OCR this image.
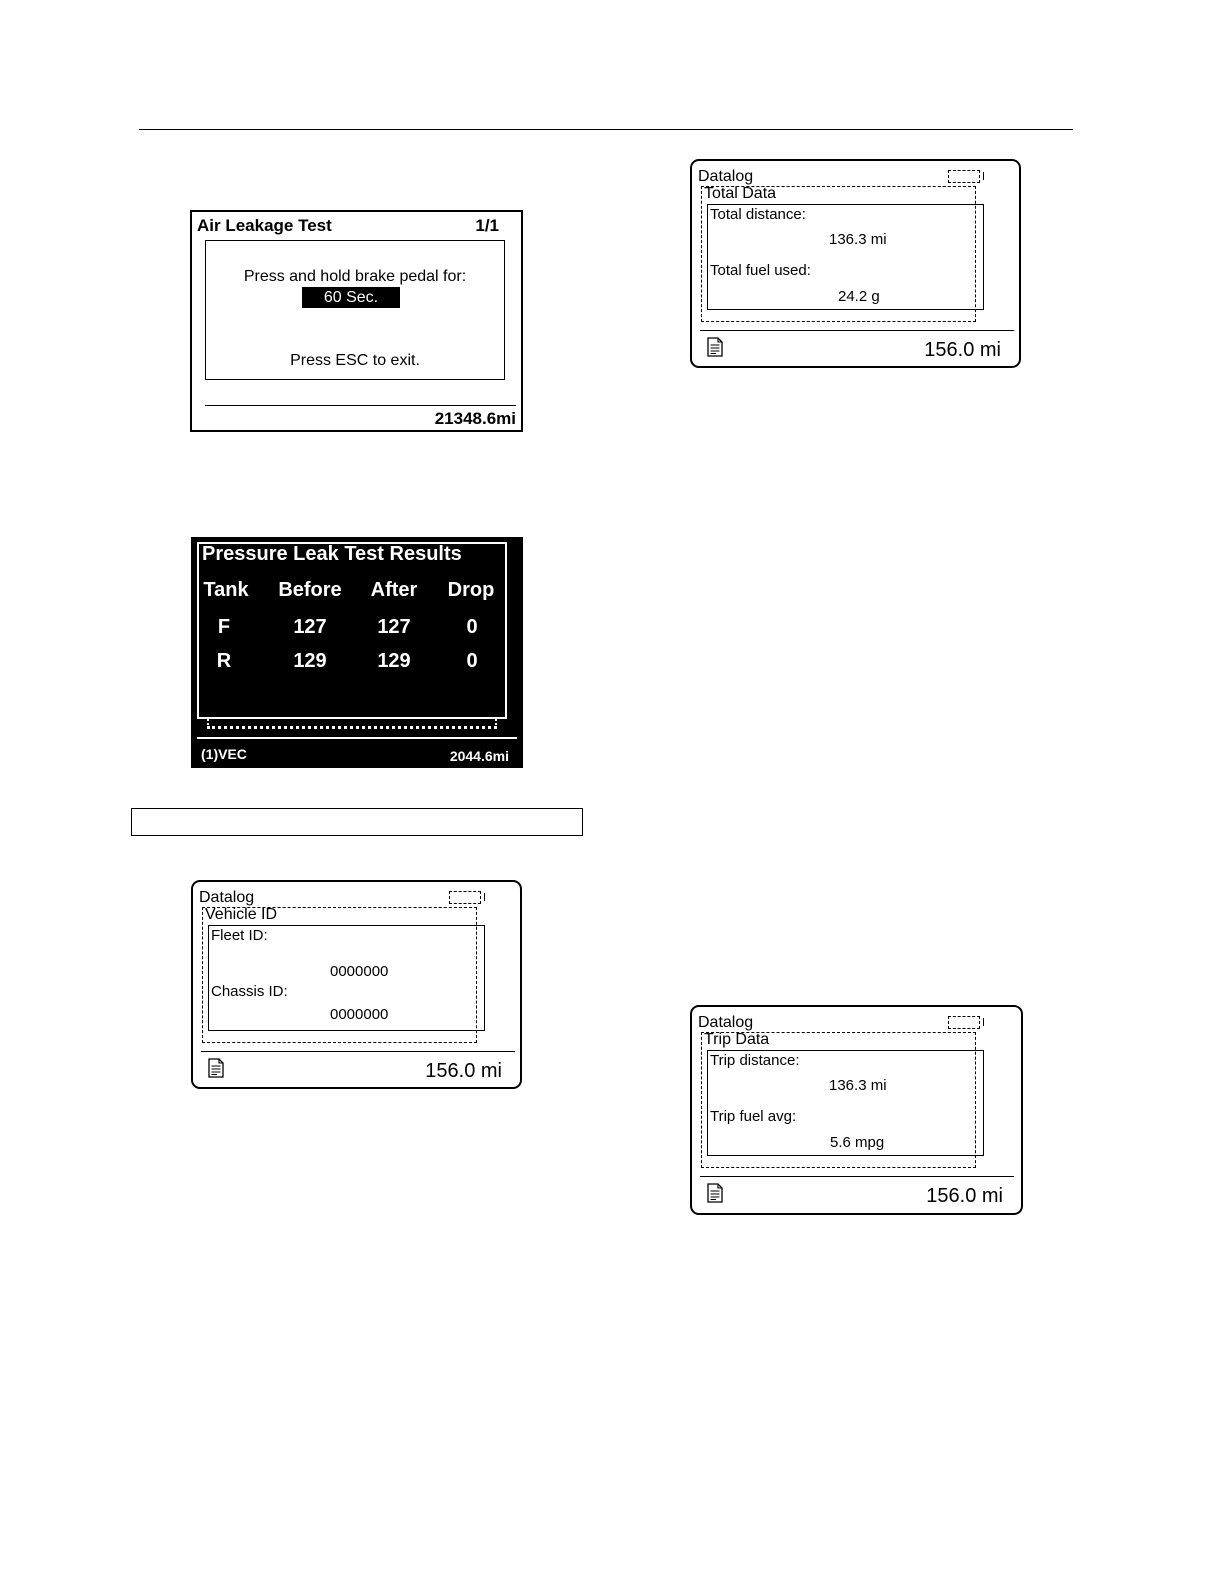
Air Leakage Test	1/1
Press and hold brake pedal for:
60 Sec.
Press ESC to exit.
21348.6mi
Pressure Leak Test Results
Tank	Before	After	Drop
F	127	127	0
R	129	129	0
(1)VEC	2044.6mi
Datalog
Vehicle ID
Fleet ID:
0000000
Chassis ID:
0000000
156.0 mi
Datalog
Total Data
Total distance:
136.3 mi
Total fuel used:
24.2 g
156.0 mi
Datalog
Trip Data
Trip distance:
136.3 mi
Trip fuel avg:
5.6 mpg
156.0 mi
